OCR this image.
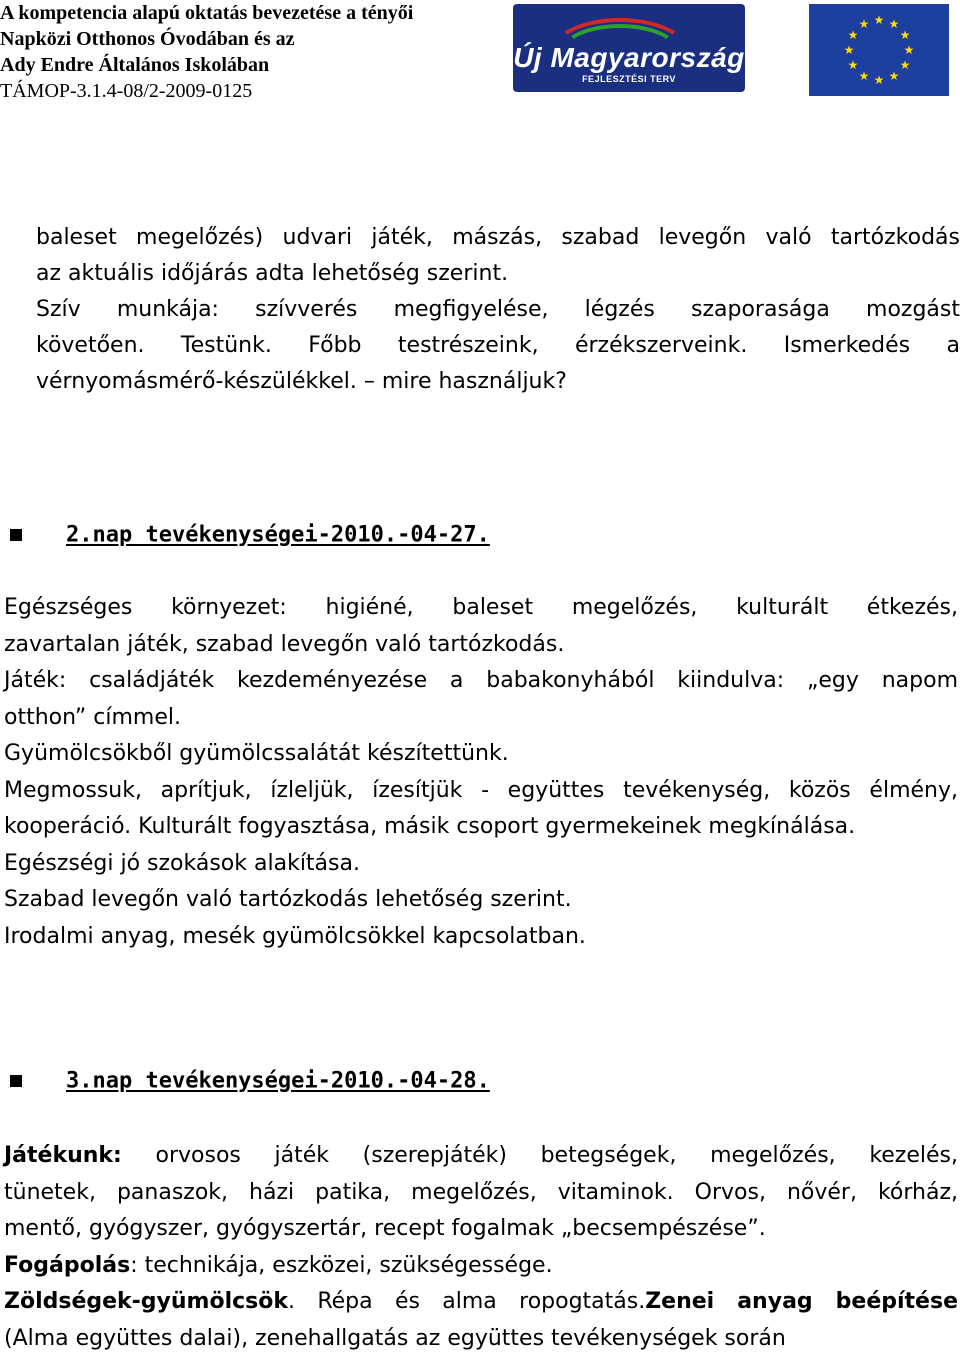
A kompetencia alapú oktatás bevezetése a tényői
Napközi Otthonos Óvodában és az
Ady Endre Általános Iskolában
TÁMOP-3.1.4-08/2-2009-0125
Új Magyarország
FEJLESZTÉSI TERV
★ ★
★
★
★
★
★
★
★
★
★
★

baleset megelőzés) udvari játék, mászás, szabad levegőn való tartózkodás

az aktuális időjárás adta lehetőség szerint.

Szív munkája: szívverés megfigyelése, légzés szaporasága mozgást

követően. Testünk. Főbb testrészeink, érzékszerveink. Ismerkedés a

vérnyomásmérő-készülékkel. – mire használjuk?

2.nap tevékenységei-2010.-04-27.

Egészséges környezet: higiéné, baleset megelőzés, kulturált étkezés,

zavartalan játék, szabad levegőn való tartózkodás.

Játék: családjáték kezdeményezése a babakonyhából kiindulva: „egy napom

otthon” címmel.

Gyümölcsökből gyümölcssalátát készítettünk.

Megmossuk, aprítjuk, ízleljük, ízesítjük - együttes tevékenység, közös élmény,

kooperáció. Kulturált fogyasztása, másik csoport gyermekeinek megkínálása.

Egészségi jó szokások alakítása.

Szabad levegőn való tartózkodás lehetőség szerint.

Irodalmi anyag, mesék gyümölcsökkel kapcsolatban.

3.nap tevékenységei-2010.-04-28.

Játékunk: orvosos játék (szerepjáték) betegségek, megelőzés, kezelés,

tünetek, panaszok, házi patika, megelőzés, vitaminok. Orvos, nővér, kórház,

mentő, gyógyszer, gyógyszertár, recept fogalmak „becsempészése”.

Fogápolás: technikája, eszközei, szükségessége.

Zöldségek-gyümölcsök. Répa és alma ropogtatás.Zenei anyag beépítése

(Alma együttes dalai), zenehallgatás az együttes tevékenységek során
